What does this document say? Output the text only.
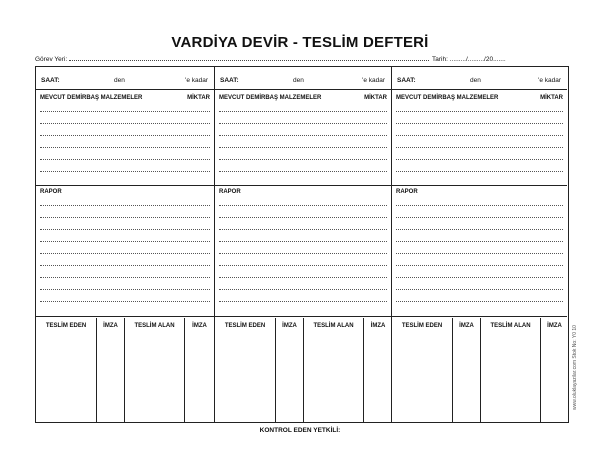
VARDİYA DEVİR - TESLİM DEFTERİ
Görev Yeri:	Tarih: ........./........./20.......
SAAT:	den	'e kadar
MEVCUT DEMİRBAŞ MALZEMELER	MİKTAR
RAPOR
TESLİM EDEN	İMZA	TESLİM ALAN	İMZA
SAAT:	den	'e kadar
MEVCUT DEMİRBAŞ MALZEMELER	MİKTAR
RAPOR
TESLİM EDEN	İMZA	TESLİM ALAN	İMZA
SAAT:	den	'e kadar
MEVCUT DEMİRBAŞ MALZEMELER	MİKTAR
RAPOR
TESLİM EDEN	İMZA	TESLİM ALAN	İMZA
KONTROL EDEN YETKİLİ:
www.oluklayazilar.com Stok No: Y0 10
